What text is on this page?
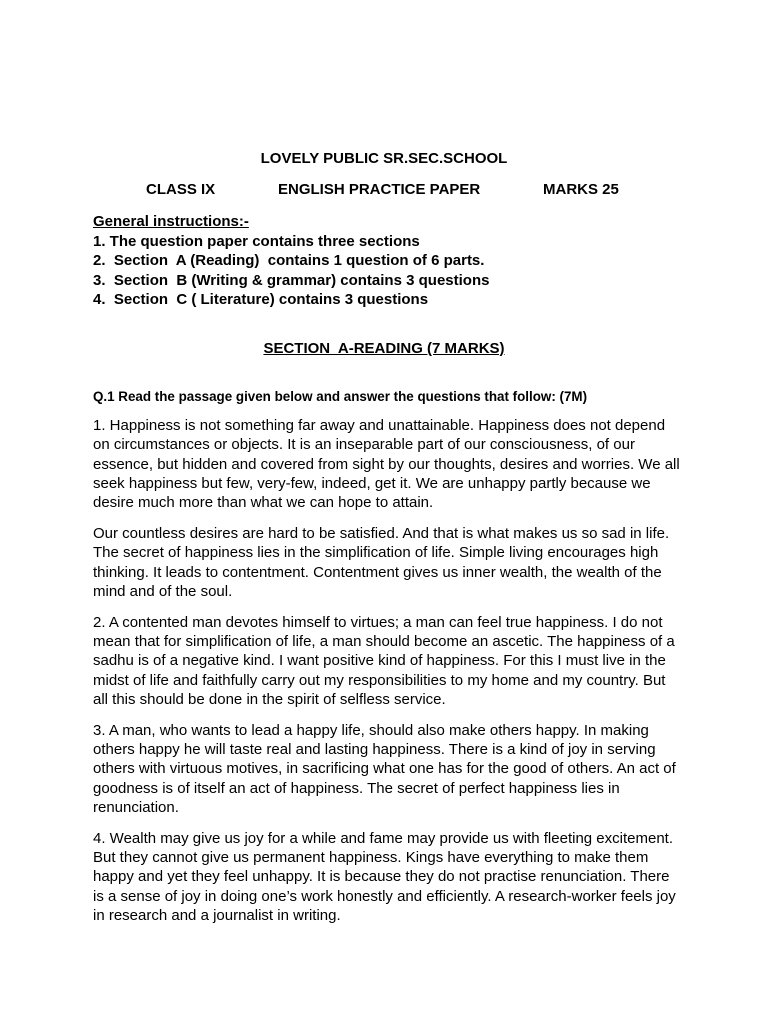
LOVELY PUBLIC SR.SEC.SCHOOL
CLASS IX	ENGLISH PRACTICE PAPER	MARKS 25
General instructions:-
1. The question paper contains three sections
2.  Section  A (Reading)  contains 1 question of 6 parts.
3.  Section  B (Writing & grammar) contains 3 questions
4.  Section  C ( Literature) contains 3 questions
SECTION  A-READING (7 MARKS)
Q.1 Read the passage given below and answer the questions that follow: (7M)

1. Happiness is not something far away and unattainable. Happiness does not depend on circumstances or objects. It is an inseparable part of our consciousness, of our essence, but hidden and covered from sight by our thoughts, desires and worries. We all seek happiness but few, very-few, indeed, get it. We are unhappy partly because we desire much more than what we can hope to attain.

Our countless desires are hard to be satisfied. And that is what makes us so sad in life. The secret of happiness lies in the simplification of life. Simple living encourages high thinking. It leads to contentment. Contentment gives us inner wealth, the wealth of the mind and of the soul.

2. A contented man devotes himself to virtues; a man can feel true happiness. I do not mean that for simplification of life, a man should become an ascetic. The happiness of a sadhu is of a negative kind. I want positive kind of happiness. For this I must live in the midst of life and faithfully carry out my responsibilities to my home and my country. But all this should be done in the spirit of selfless service.

3. A man, who wants to lead a happy life, should also make others happy. In making others happy he will taste real and lasting happiness. There is a kind of joy in serving others with virtuous motives, in sacrificing what one has for the good of others. An act of goodness is of itself an act of happiness. The secret of perfect happiness lies in renunciation.

4. Wealth may give us joy for a while and fame may provide us with fleeting excitement. But they cannot give us permanent happiness. Kings have everything to make them happy and yet they feel unhappy. It is because they do not practise renunciation. There is a sense of joy in doing one’s work honestly and efficiently. A research-worker feels joy in research and a journalist in writing.
